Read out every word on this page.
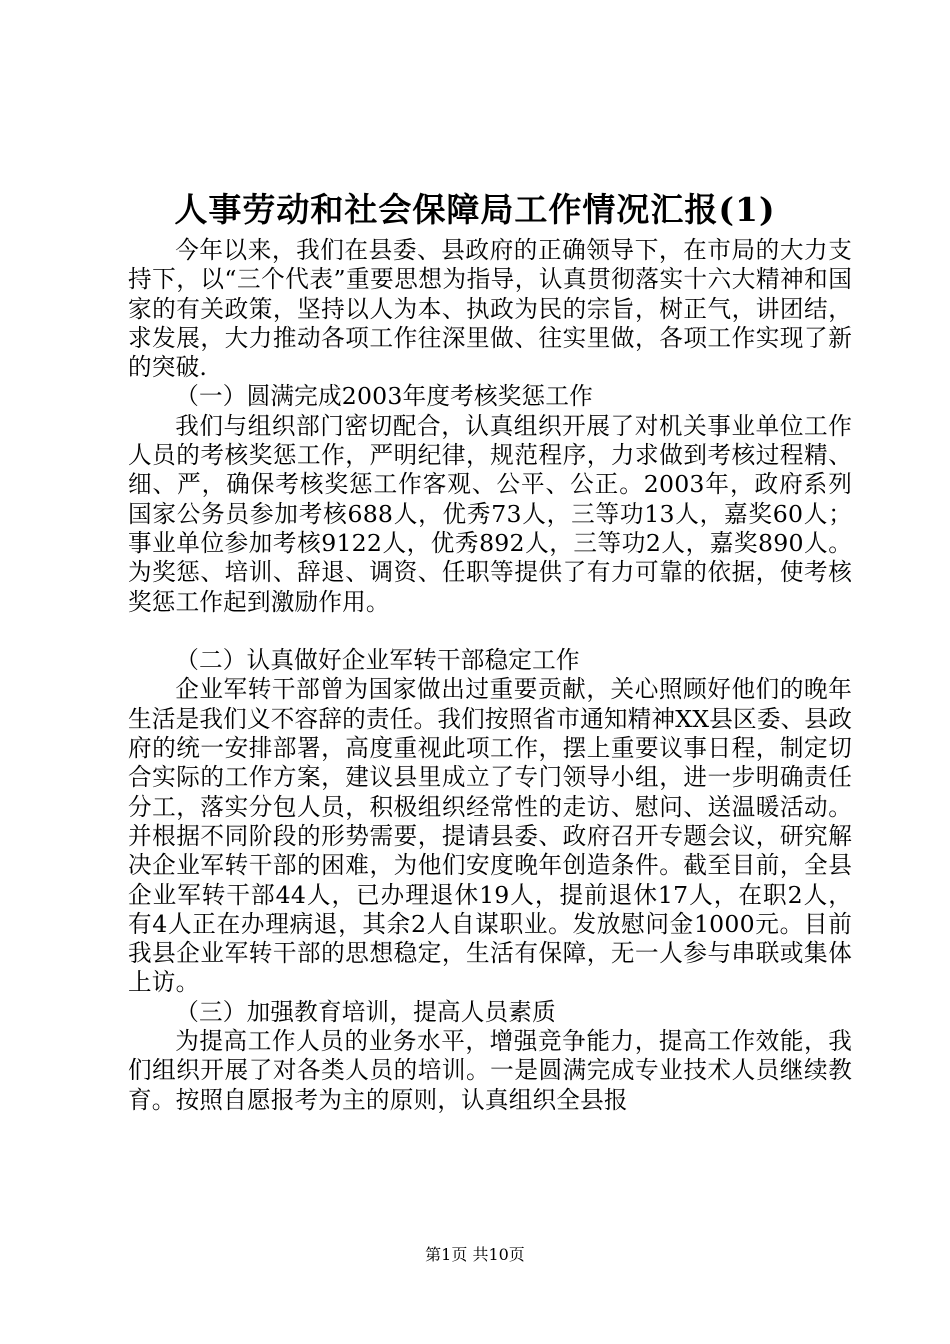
人事劳动和社会保障局工作情况汇报(1)

今年以来，我们在县委、县政府的正确领导下，在市局的大力支持下，以“三个代表”重要思想为指导，认真贯彻落实十六大精神和国家的有关政策，坚持以人为本、执政为民的宗旨，树正气，讲团结，求发展，大力推动各项工作往深里做、往实里做，各项工作实现了新的突破.

（一）圆满完成2003年度考核奖惩工作

我们与组织部门密切配合，认真组织开展了对机关事业单位工作人员的考核奖惩工作，严明纪律，规范程序，力求做到考核过程精、细、严，确保考核奖惩工作客观、公平、公正。2003年，政府系列国家公务员参加考核688人，优秀73人，三等功13人，嘉奖60人；事业单位参加考核9122人，优秀892人，三等功2人，嘉奖890人。为奖惩、培训、辞退、调资、任职等提供了有力可靠的依据，使考核奖惩工作起到激励作用。

（二）认真做好企业军转干部稳定工作

企业军转干部曾为国家做出过重要贡献，关心照顾好他们的晚年生活是我们义不容辞的责任。我们按照省市通知精神XX县区委、县政府的统一安排部署，高度重视此项工作，摆上重要议事日程，制定切合实际的工作方案，建议县里成立了专门领导小组，进一步明确责任分工，落实分包人员，积极组织经常性的走访、慰问、送温暖活动。并根据不同阶段的形势需要，提请县委、政府召开专题会议，研究解决企业军转干部的困难，为他们安度晚年创造条件。截至目前，全县企业军转干部44人，已办理退休19人，提前退休17人，在职2人，有4人正在办理病退，其余2人自谋职业。发放慰问金1000元。目前我县企业军转干部的思想稳定，生活有保障，无一人参与串联或集体上访。

（三）加强教育培训，提高人员素质

为提高工作人员的业务水平，增强竞争能力，提高工作效能，我们组织开展了对各类人员的培训。一是圆满完成专业技术人员继续教育。按照自愿报考为主的原则，认真组织全县报

第1页 共10页
